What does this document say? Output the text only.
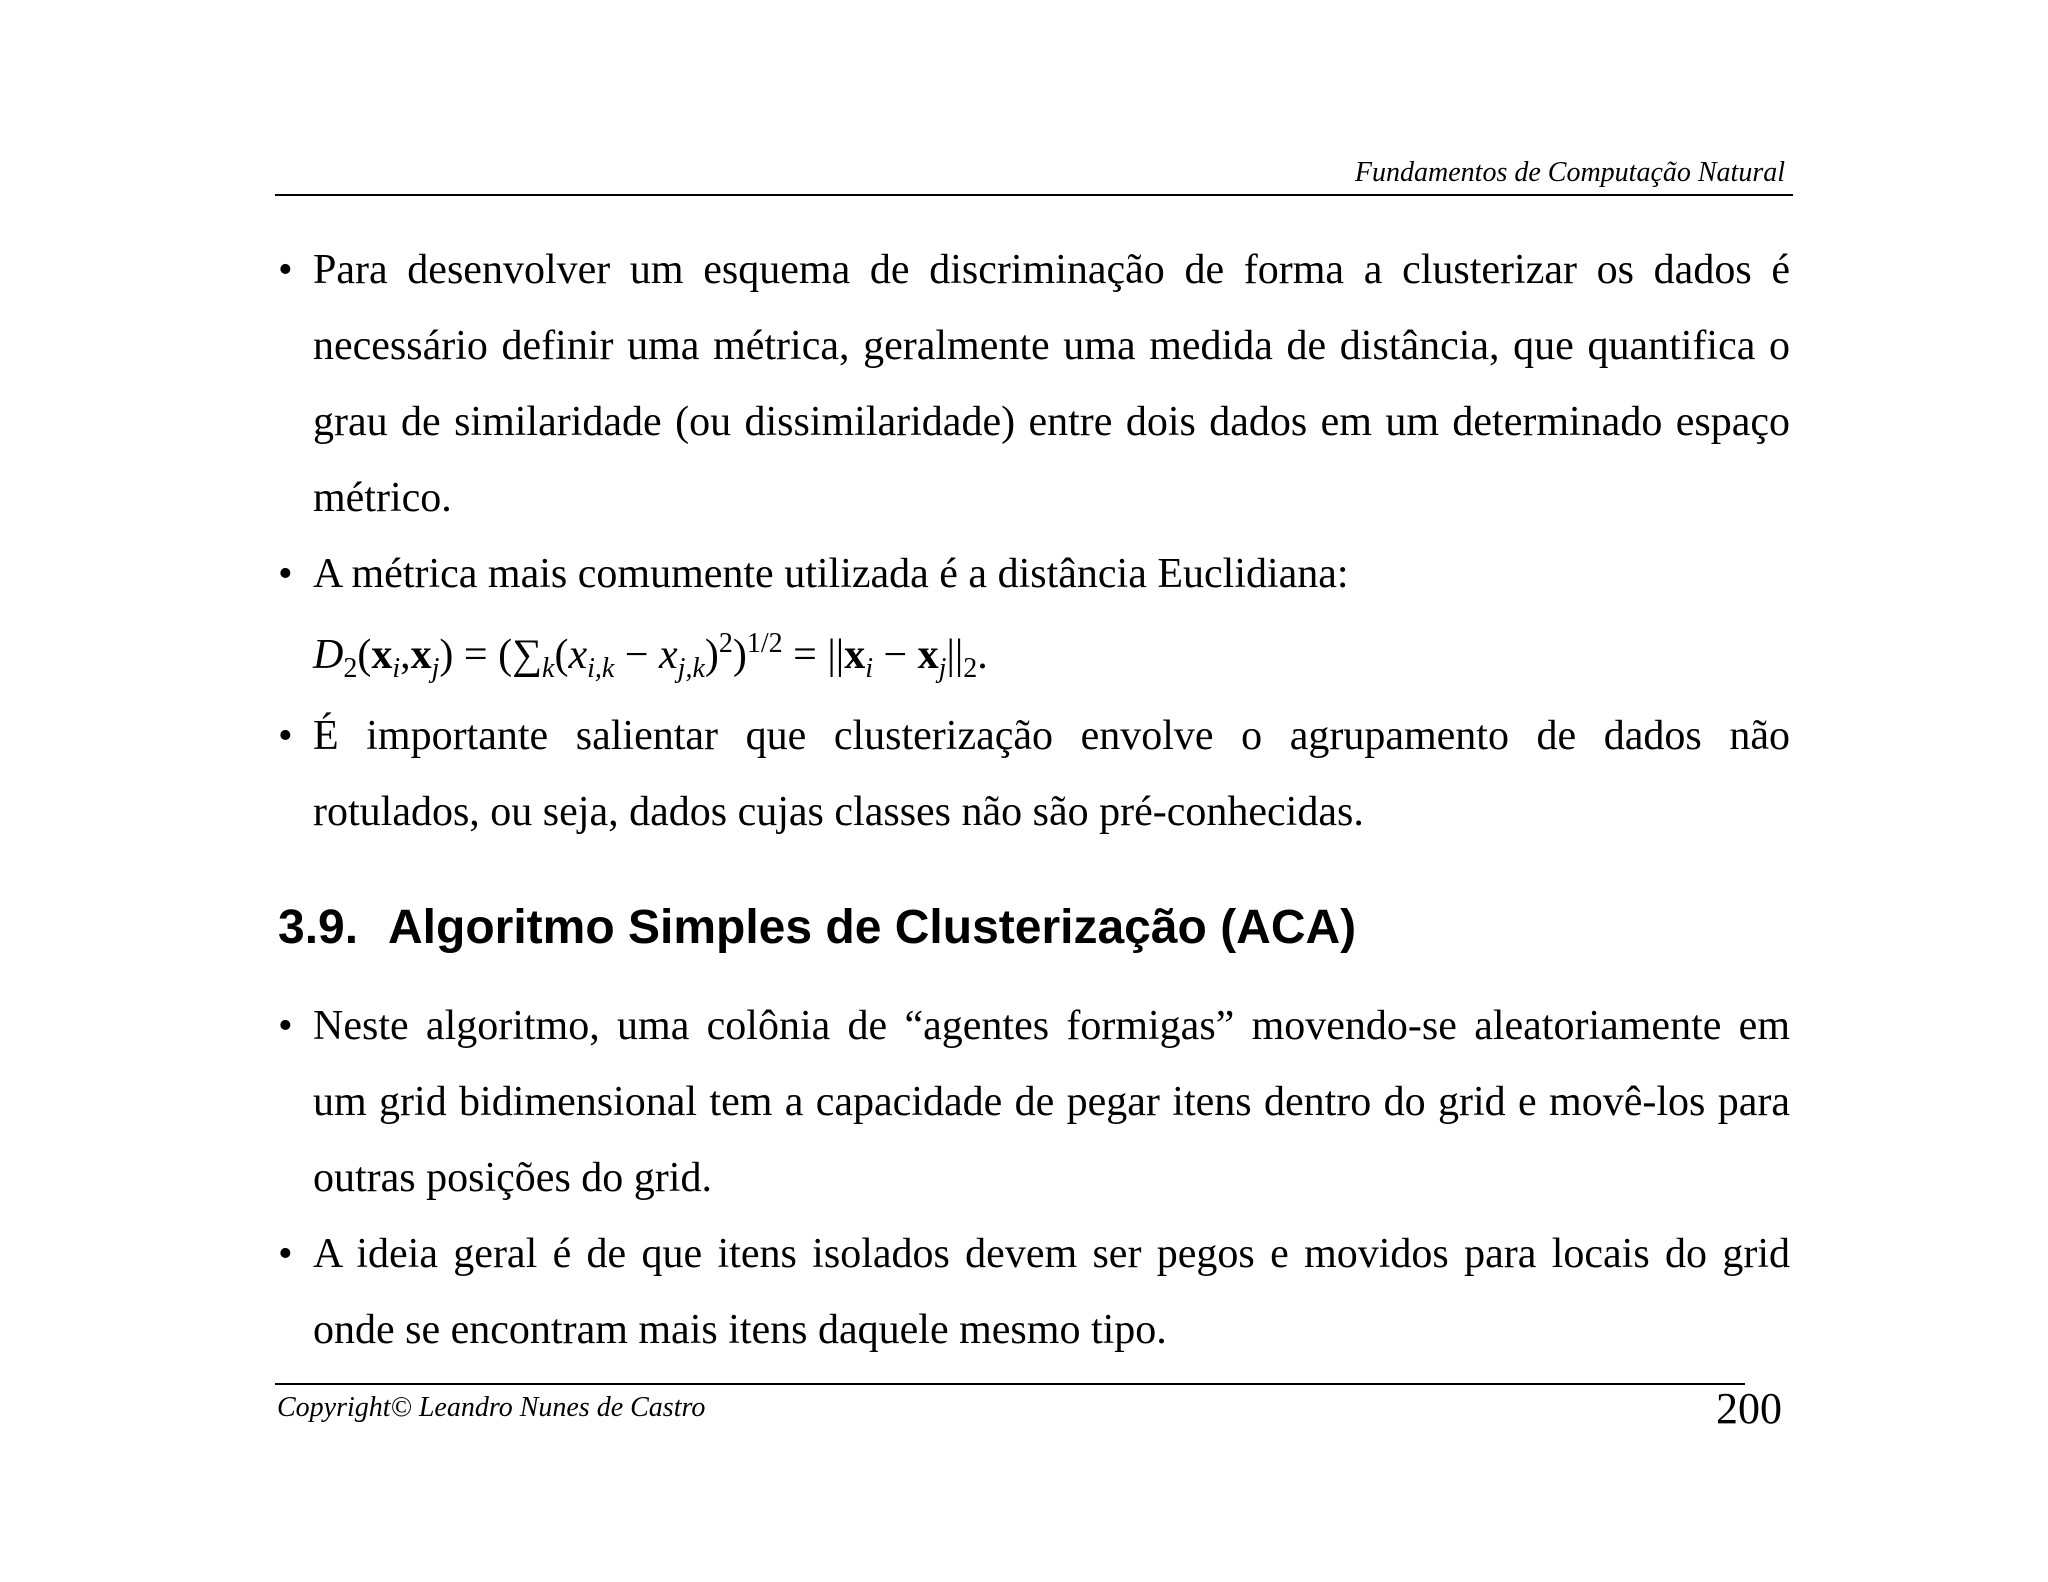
Fundamentos de Computação Natural

• Para desenvolver um esquema de discriminação de forma a clusterizar os dados é necessário definir uma métrica, geralmente uma medida de distância, que quantifica o grau de similaridade (ou dissimilaridade) entre dois dados em um determinado espaço métrico.

• A métrica mais comumente utilizada é a distância Euclidiana:

$D_2(x_i,x_j) = (\sum_k(x_{i,k} - x_{j,k})^2)^{1/2} = ||x_i - x_j||_2$.

• É importante salientar que clusterização envolve o agrupamento de dados não rotulados, ou seja, dados cujas classes não são pré-conhecidas.

3.9. Algoritmo Simples de Clusterização (ACA)

• Neste algoritmo, uma colônia de “agentes formigas” movendo-se aleatoriamente em um grid bidimensional tem a capacidade de pegar itens dentro do grid e movê-los para outras posições do grid.

• A ideia geral é de que itens isolados devem ser pegos e movidos para locais do grid onde se encontram mais itens daquele mesmo tipo.

Copyright© Leandro Nunes de Castro	200
